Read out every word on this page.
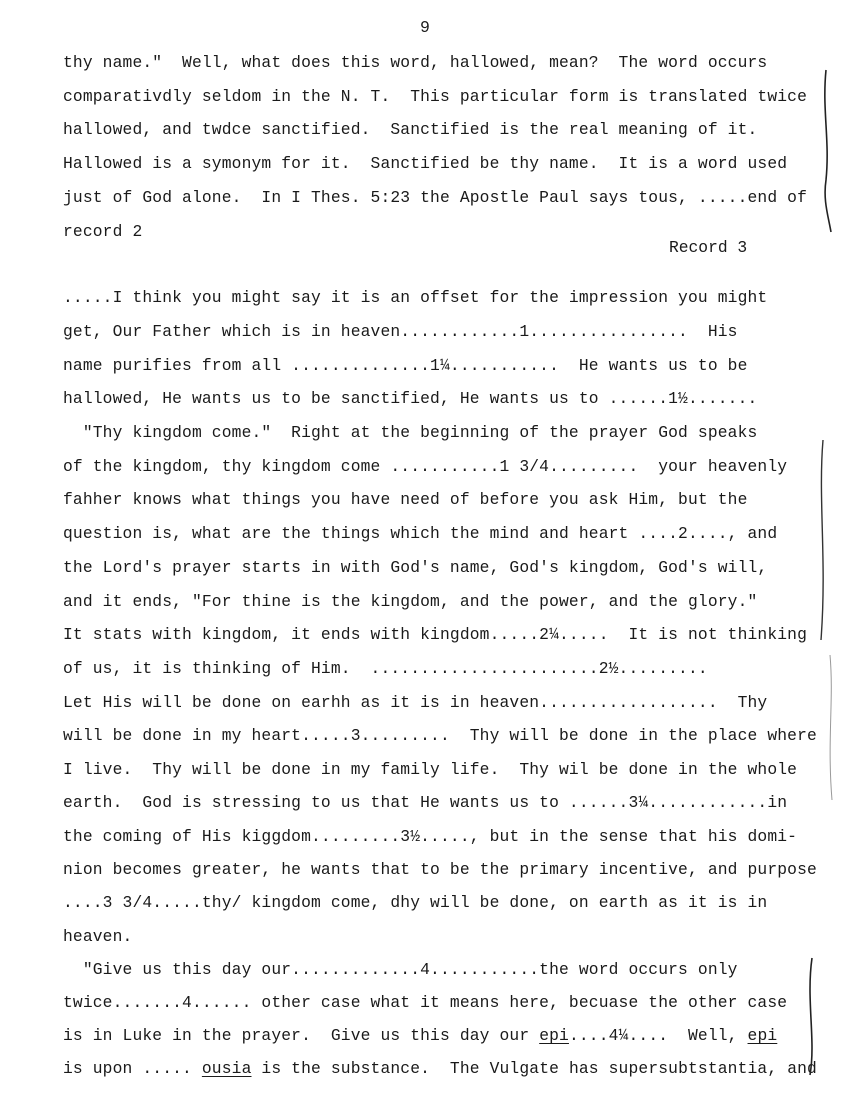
9
thy name."  Well, what does this word, hallowed, mean?  The word occurs
comparativdly seldom in the N. T.  This particular form is translated twice
hallowed, and twdce sanctified.  Sanctified is the real meaning of it.
Hallowed is a symonym for it.  Sanctified be thy name.  It is a word used
just of God alone.  In I Thes. 5:23 the Apostle Paul says tous, .....end of
record 2
Record 3
.....I think you might say it is an offset for the impression you might
get, Our Father which is in heaven............1................  His
name purifies from all ..............1¼...........  He wants us to be
hallowed, He wants us to be sanctified, He wants us to ......1½.......
"Thy kingdom come."  Right at the beginning of the prayer God speaks
of the kingdom, thy kingdom come ...........1 3/4.........  your heavenly
fahher knows what things you have need of before you ask Him, but the
question is, what are the things which the mind and heart ....2...., and
the Lord's prayer starts in with God's name, God's kingdom, God's will,
and it ends, "For thine is the kingdom, and the power, and the glory."
It stats with kingdom, it ends with kingdom.....2¼.....  It is not thinking
of us, it is thinking of Him.  .......................2½.........
Let His will be done on earhh as it is in heaven..................  Thy
will be done in my heart.....3.........  Thy will be done in the place where
I live.  Thy will be done in my family life.  Thy wil be done in the whole
earth.  God is stressing to us that He wants us to ......3¼............in
the coming of His kiggdom.........3½....., but in the sense that his domi-
nion becomes greater, he wants that to be the primary incentive, and purpose
....3 3/4.....thy/ kingdom come, dhy will be done, on earth as it is in
heaven.
"Give us this day our.............4...........the word occurs only
twice.......4...... other case what it means here, becuase the other case
is in Luke in the prayer.  Give us this day our epi....4¼....  Well, epi
is upon ..... ousia is the substance.  The Vulgate has supersubtstantia, and
